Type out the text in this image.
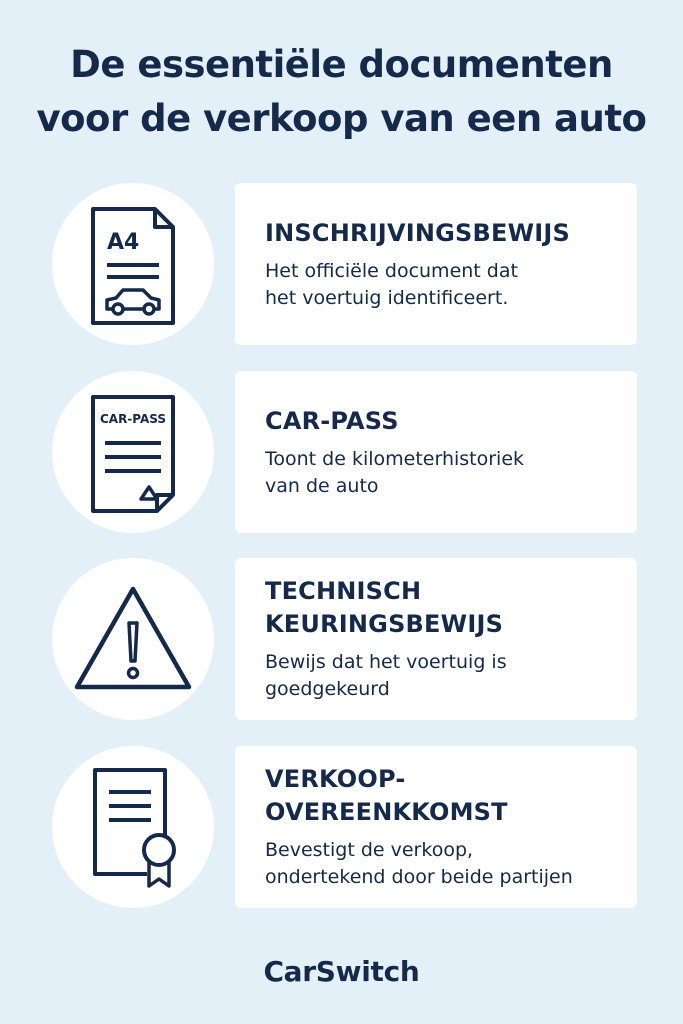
De essentiële documenten
voor de verkoop van een auto
A4	INSCHRIJVINGSBEWIJS

Het officiële document dat
het voertuig identificeert.

CAR-PASS	CAR-PASS

Toont de kilometerhistoriek
van de auto

TECHNISCH
KEURINGSBEWIJS

Bewijs dat het voertuig is
goedgekeurd

VERKOOP-
OVEREENKKOMST

Bevestigt de verkoop,
ondertekend door beide partijen

CarSwitch
